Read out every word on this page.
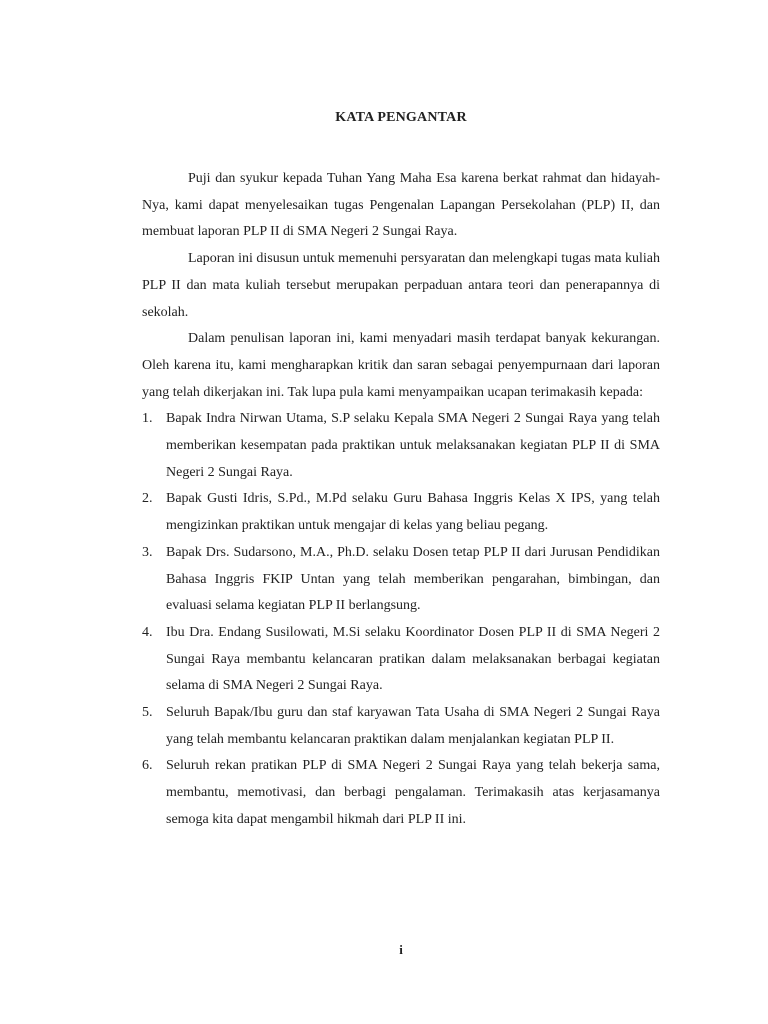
KATA PENGANTAR

Puji dan syukur kepada Tuhan Yang Maha Esa karena berkat rahmat dan hidayah-Nya, kami dapat menyelesaikan tugas Pengenalan Lapangan Persekolahan (PLP) II, dan membuat laporan PLP II di SMA Negeri 2 Sungai Raya.

Laporan ini disusun untuk memenuhi persyaratan dan melengkapi tugas mata kuliah PLP II dan mata kuliah tersebut merupakan perpaduan antara teori dan penerapannya di sekolah.

Dalam penulisan laporan ini, kami menyadari masih terdapat banyak kekurangan. Oleh karena itu, kami mengharapkan kritik dan saran sebagai penyempurnaan dari laporan yang telah dikerjakan ini. Tak lupa pula kami menyampaikan ucapan terimakasih kepada:

1. Bapak Indra Nirwan Utama, S.P selaku Kepala SMA Negeri 2 Sungai Raya yang telah memberikan kesempatan pada praktikan untuk melaksanakan kegiatan PLP II di SMA Negeri 2 Sungai Raya.
2. Bapak Gusti Idris, S.Pd., M.Pd selaku Guru Bahasa Inggris Kelas X IPS, yang telah mengizinkan praktikan untuk mengajar di kelas yang beliau pegang.
3. Bapak Drs. Sudarsono, M.A., Ph.D. selaku Dosen tetap PLP II dari Jurusan Pendidikan Bahasa Inggris FKIP Untan yang telah memberikan pengarahan, bimbingan, dan evaluasi selama kegiatan PLP II berlangsung.
4. Ibu Dra. Endang Susilowati, M.Si selaku Koordinator Dosen PLP II di SMA Negeri 2 Sungai Raya membantu kelancaran pratikan dalam melaksanakan berbagai kegiatan selama di SMA Negeri 2 Sungai Raya.
5. Seluruh Bapak/Ibu guru dan staf karyawan Tata Usaha di SMA Negeri 2 Sungai Raya yang telah membantu kelancaran praktikan dalam menjalankan kegiatan PLP II.
6. Seluruh rekan pratikan PLP di SMA Negeri 2 Sungai Raya yang telah bekerja sama, membantu, memotivasi, dan berbagi pengalaman. Terimakasih atas kerjasamanya semoga kita dapat mengambil hikmah dari PLP II ini.
i
